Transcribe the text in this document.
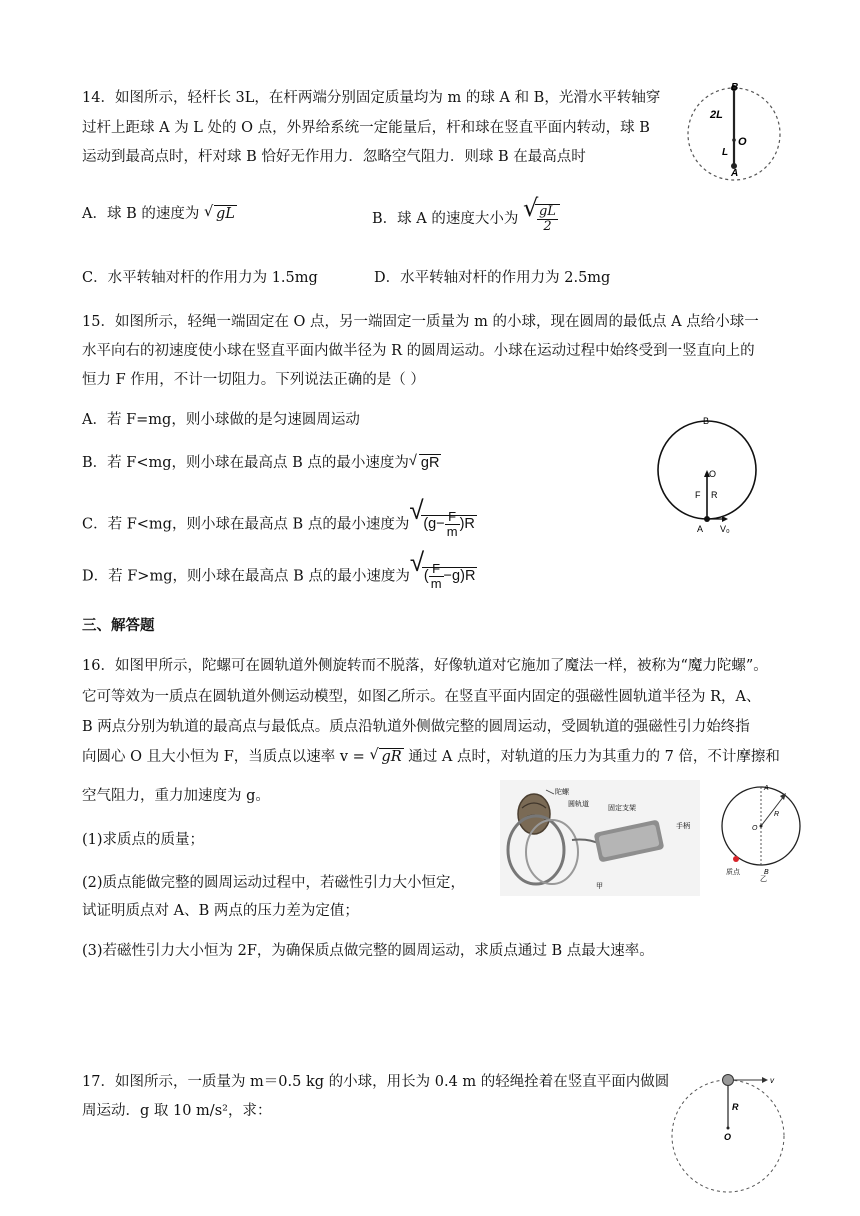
14．如图所示，轻杆长 3L，在杆两端分别固定质量均为 m 的球 A 和 B，光滑水平转轴穿
过杆上距球 A 为 L 处的 O 点，外界给系统一定能量后，杆和球在竖直平面内转动，球 B
运动到最高点时，杆对球 B 恰好无作用力．忽略空气阻力．则球 B 在最高点时
B
2L
O
L
A
A．球 B 的速度为 √ gL	B．球 A 的速度大小为 √
$\frac{gL}{2}$
C．水平转轴对杆的作用力为 1.5mg	D．水平转轴对杆的作用力为 2.5mg
15．如图所示，轻绳一端固定在 O 点，另一端固定一质量为 m 的小球，现在圆周的最低点 A 点给小球一
水平向右的初速度使小球在竖直平面内做半径为 R 的圆周运动。小球在运动过程中始终受到一竖直向上的
恒力 F 作用，不计一切阻力。下列说法正确的是（ ）
A．若 F=mg，则小球做的是匀速圆周运动
B．若 F<mg，则小球在最高点 B 点的最小速度为 √ gR
C．若 F<mg，则小球在最高点 B 点的最小速度为 √ $(g- \frac{F}{m} )R$
D．若 F>mg，则小球在最高点 B 点的最小速度为 √ ( $\frac{F}{m} -g)R$
B
O
F R
A V₀
三、解答题
16．如图甲所示，陀螺可在圆轨道外侧旋转而不脱落，好像轨道对它施加了魔法一样，被称为“魔力陀螺”。
它可等效为一质点在圆轨道外侧运动模型，如图乙所示。在竖直平面内固定的强磁性圆轨道半径为 R，A、
B 两点分别为轨道的最高点与最低点。质点沿轨道外侧做完整的圆周运动，受圆轨道的强磁性引力始终指
向圆心 O 且大小恒为 F，当质点以速率 v = √ gR 通过 A 点时，对轨道的压力为其重力的 7 倍，不计摩擦和
空气阻力，重力加速度为 g。
(1)求质点的质量；
(2)质点能做完整的圆周运动过程中，若磁性引力大小恒定，
试证明质点对 A、B 两点的压力差为定值；
(3)若磁性引力大小恒为 2F，为确保质点做完整的圆周运动，求质点通过 B 点最大速率。
陀螺
圆轨道
固定支架
手柄
甲
A
R
O
B
质点
乙
17．如图所示，一质量为 m＝0.5 kg 的小球，用长为 0.4 m 的轻绳拴着在竖直平面内做圆
周运动．g 取 10 m/s²，求：
v
R
O
